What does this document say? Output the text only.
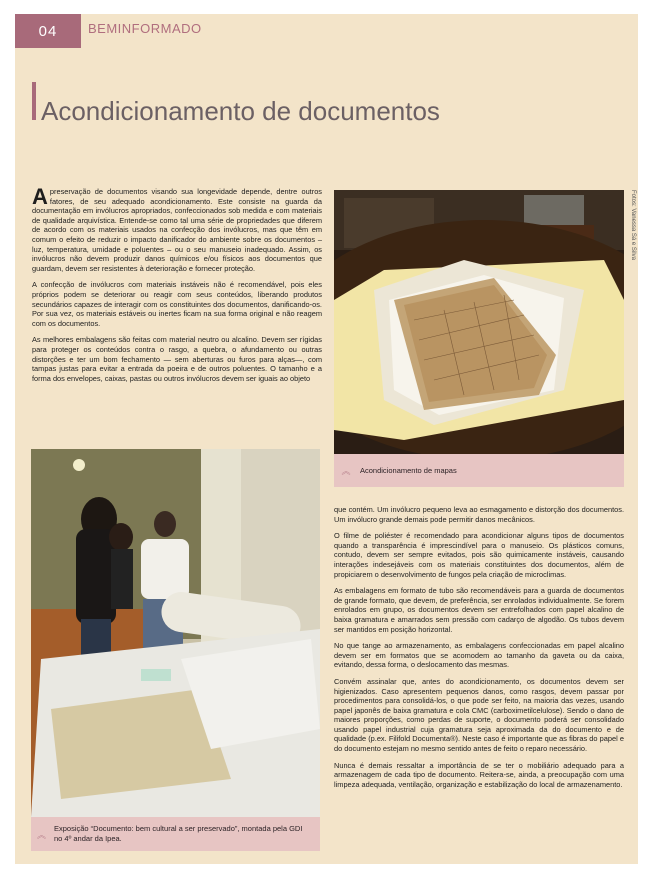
04	BEMINFORMADO
Acondicionamento de documentos

A preservação de documentos visando sua longevidade depende, dentre outros fatores, de seu adequado acondicionamento. Este consiste na guarda da documentação em invólucros apropriados, confeccionados sob medida e com materiais de qualidade arquivística. Entende-se como tal uma série de propriedades que diferem de acordo com os materiais usados na confecção dos invólucros, mas que têm em comum o efeito de reduzir o impacto danificador do ambiente sobre os documentos – luz, temperatura, umidade e poluentes – ou o seu manuseio inadequado. Assim, os invólucros não devem produzir danos químicos e/ou físicos aos documentos que guardam, devem ser resistentes à deterioração e fornecer proteção.

A confecção de invólucros com materiais instáveis não é recomendável, pois eles próprios podem se deteriorar ou reagir com seus conteúdos, liberando produtos secundários capazes de interagir com os constituintes dos documentos, danificando-os. Por sua vez, os materiais estáveis ou inertes ficam na sua forma original e não reagem com os documentos.

As melhores embalagens são feitas com material neutro ou alcalino. Devem ser rígidas para proteger os conteúdos contra o rasgo, a quebra, o afundamento ou outras distorções e ter um bom fechamento — sem aberturas ou furos para alças—, com tampas justas para evitar a entrada da poeira e de outros poluentes. O tamanho e a forma dos envelopes, caixas, pastas ou outros invólucros devem ser iguais ao objeto

Fotos: Vanessa Sá e Silva
︽	Acondicionamento de mapas
︽
Exposição “Documento: bem cultural a ser preservado”, montada pela GDI no 4º andar da Ipea.

que contém. Um invólucro pequeno leva ao esmagamento e distorção dos documentos. Um invólucro grande demais pode permitir danos mecânicos.

O filme de poliéster é recomendado para acondicionar alguns tipos de documentos quando a transparência é imprescindível para o manuseio. Os plásticos comuns, contudo, devem ser sempre evitados, pois são quimicamente instáveis, causando interações indesejáveis com os materiais constituintes dos documentos, além de propiciarem o desenvolvimento de fungos pela criação de microclimas.

As embalagens em formato de tubo são recomendáveis para a guarda de documentos de grande formato, que devem, de preferência, ser enrolados individualmente. Se forem enrolados em grupo, os documentos devem ser entrefolhados com papel alcalino de baixa gramatura e amarrados sem pressão com cadarço de algodão. Os tubos devem ser mantidos em posição horizontal.

No que tange ao armazenamento, as embalagens confeccionadas em papel alcalino devem ser em formatos que se acomodem ao tamanho da gaveta ou da caixa, evitando, dessa forma, o deslocamento das mesmas.

Convém assinalar que, antes do acondicionamento, os documentos devem ser higienizados. Caso apresentem pequenos danos, como rasgos, devem passar por procedimentos para consolidá-los, o que pode ser feito, na maioria das vezes, usando papel japonês de baixa gramatura e cola CMC (carboximetilcelulose). Sendo o dano de maiores proporções, como perdas de suporte, o documento poderá ser consolidado usando papel industrial cuja gramatura seja aproximada da do documento e de qualidade (p.ex. Filifold Documenta®). Neste caso é importante que as fibras do papel e do documento estejam no mesmo sentido antes de feito o reparo necessário.

Nunca é demais ressaltar a importância de se ter o mobiliário adequado para a armazenagem de cada tipo de documento. Reitera-se, ainda, a preocupação com uma limpeza adequada, ventilação, organização e estabilização do local de armazenamento.
